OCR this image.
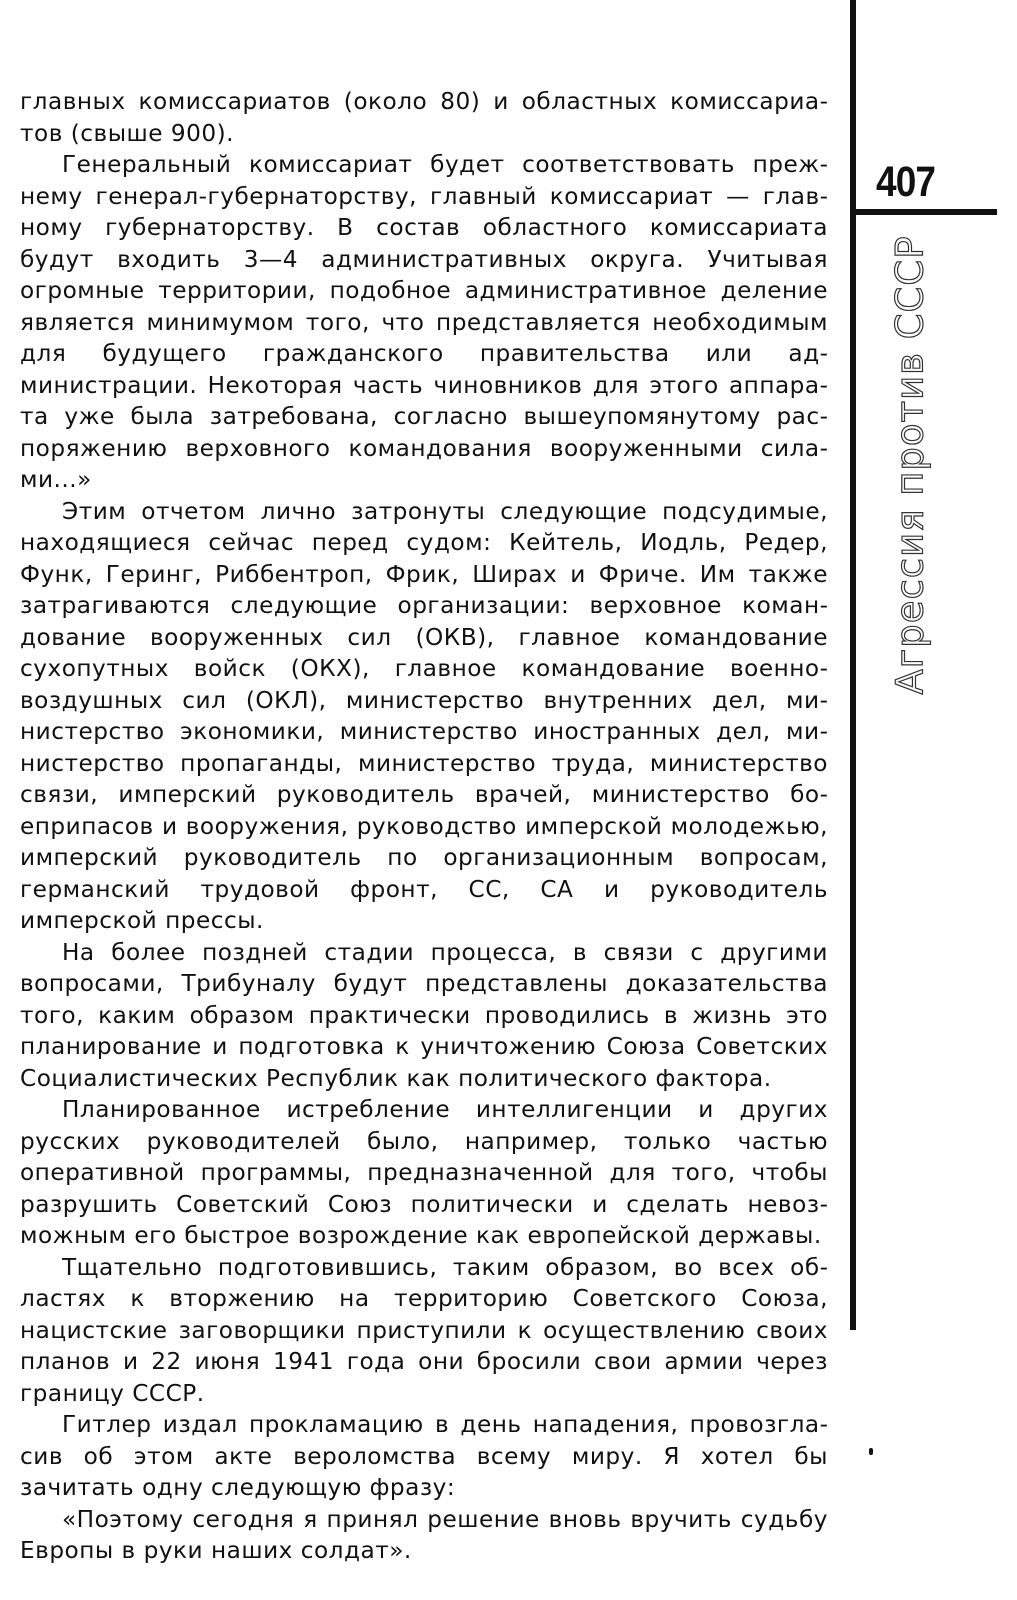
главных комиссариатов (около 80) и областных комиссариатов (свыше 900).

Генеральный комиссариат будет соответствовать прежнему генерал-губернаторству, главный комиссариат — главному губернаторству. В состав областного комиссариата будут входить 3—4 административных округа. Учитывая огромные территории, подобное административное деление является минимумом того, что представляется необходимым для будущего гражданского правительства или администрации. Некоторая часть чиновников для этого аппарата уже была затребована, согласно вышеупомянутому распоряжению верховного командования вооруженными силами...»

Этим отчетом лично затронуты следующие подсудимые, находящиеся сейчас перед судом: Кейтель, Иодль, Редер, Функ, Геринг, Риббентроп, Фрик, Ширах и Фриче. Им также затрагиваются следующие организации: верховное командование вооруженных сил (ОКВ), главное командование сухопутных войск (ОКХ), главное командование военновоздушных сил (ОКЛ), министерство внутренних дел, министерство экономики, министерство иностранных дел, министерство пропаганды, министерство труда, министерство связи, имперский руководитель врачей, министерство боеприпасов и вооружения, руководство имперской молодежью, имперский руководитель по организационным вопросам, германский трудовой фронт, СС, СА и руководитель имперской прессы.

На более поздней стадии процесса, в связи с другими вопросами, Трибуналу будут представлены доказательства того, каким образом практически проводились в жизнь это планирование и подготовка к уничтожению Союза Советских Социалистических Республик как политического фактора.

Планированное истребление интеллигенции и других русских руководителей было, например, только частью оперативной программы, предназначенной для того, чтобы разрушить Советский Союз политически и сделать невозможным его быстрое возрождение как европейской державы.

Тщательно подготовившись, таким образом, во всех областях к вторжению на территорию Советского Союза, нацистские заговорщики приступили к осуществлению своих планов и 22 июня 1941 года они бросили свои армии через границу СССР.

Гитлер издал прокламацию в день нападения, провозгласив об этом акте вероломства всему миру. Я хотел бы зачитать одну следующую фразу:

«Поэтому сегодня я принял решение вновь вручить судьбу Европы в руки наших солдат».

407
Агрессия против СССР
